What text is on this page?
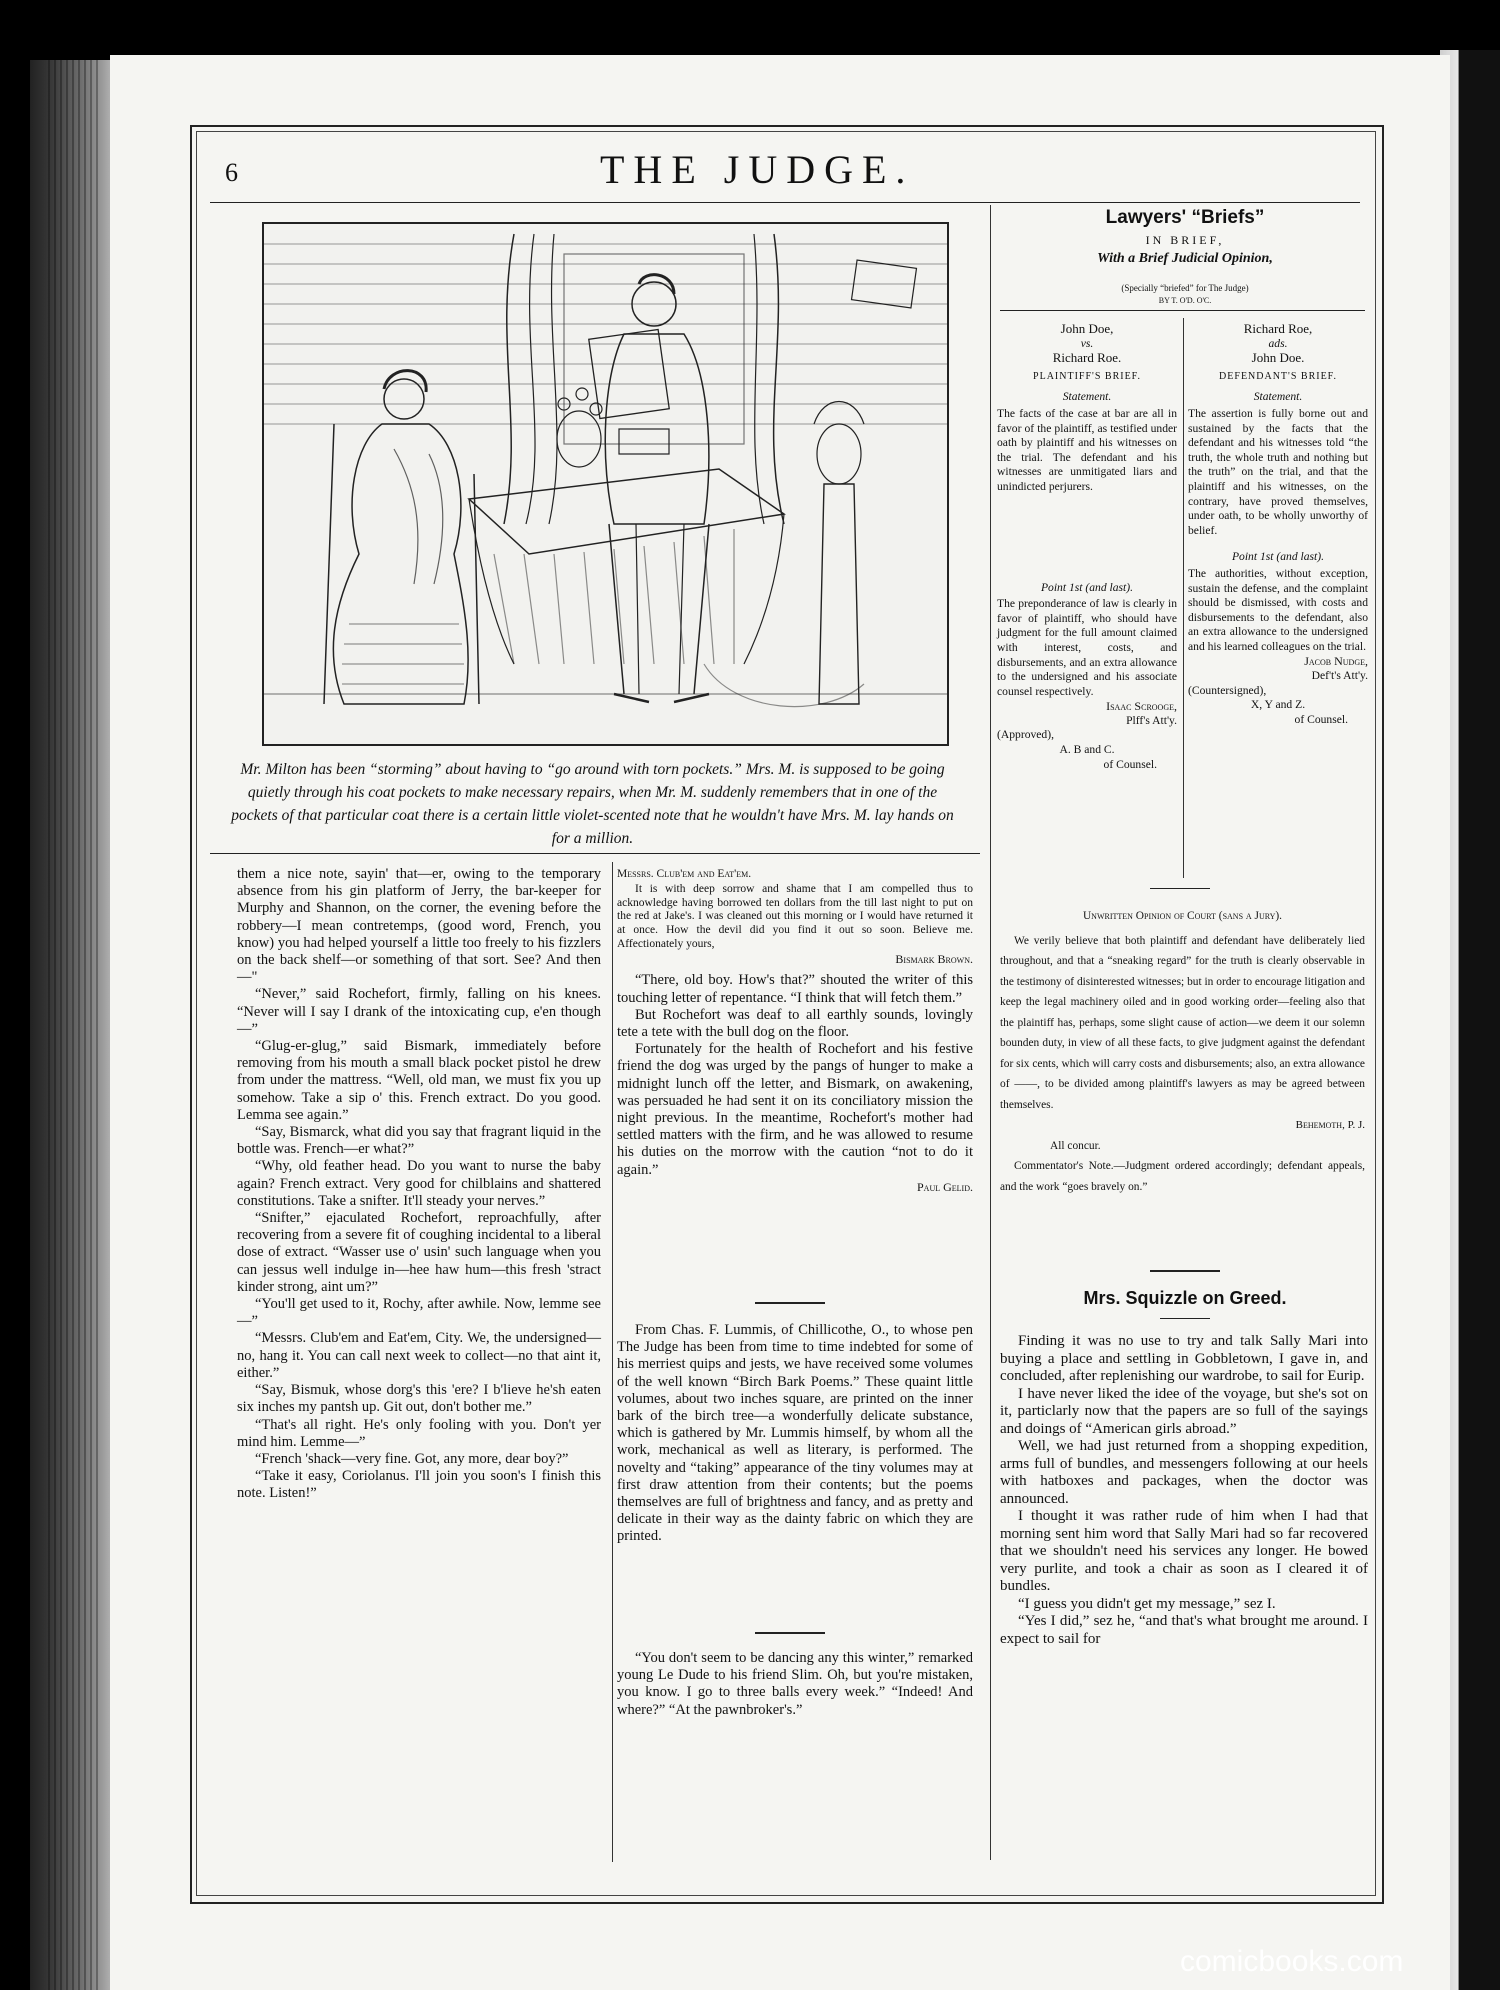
6	THE JUDGE.
Mr. Milton has been “storming” about having to “go around with torn pockets.” Mrs. M. is supposed to be going quietly through his coat pockets to make necessary repairs, when Mr. M. suddenly remembers that in one of the pockets of that particular coat there is a certain little violet-scented note that he wouldn't have Mrs. M. lay hands on for a million.

them a nice note, sayin' that—er, owing to the temporary absence from his gin platform of Jerry, the bar-keeper for Murphy and Shannon, on the corner, the evening before the robbery—I mean contretemps, (good word, French, you know) you had helped yourself a little too freely to his fizzlers on the back shelf—or something of that sort. See? And then—"

“Never,” said Rochefort, firmly, falling on his knees. “Never will I say I drank of the intoxicating cup, e'en though—”

“Glug-er-glug,” said Bismark, immediately before removing from his mouth a small black pocket pistol he drew from under the mattress. “Well, old man, we must fix you up somehow. Take a sip o' this. French extract. Do you good. Lemma see again.”

“Say, Bismarck, what did you say that fragrant liquid in the bottle was. French—er what?”

“Why, old feather head. Do you want to nurse the baby again? French extract. Very good for chilblains and shattered constitutions. Take a snifter. It'll steady your nerves.”

“Snifter,” ejaculated Rochefort, reproachfully, after recovering from a severe fit of coughing incidental to a liberal dose of extract. “Wasser use o' usin' such language when you can jessus well indulge in—hee haw hum—this fresh 'stract kinder strong, aint um?”

“You'll get used to it, Rochy, after awhile. Now, lemme see—”

“Messrs. Club'em and Eat'em, City. We, the undersigned—no, hang it. You can call next week to collect—no that aint it, either.”

“Say, Bismuk, whose dorg's this 'ere? I b'lieve he'sh eaten six inches my pantsh up. Git out, don't bother me.”

“That's all right. He's only fooling with you. Don't yer mind him. Lemme—”

“French 'shack—very fine. Got, any more, dear boy?”

“Take it easy, Coriolanus. I'll join you soon's I finish this note. Listen!”

Messrs. Club'em and Eat'em.

It is with deep sorrow and shame that I am compelled thus to acknowledge having borrowed ten dollars from the till last night to put on the red at Jake's. I was cleaned out this morning or I would have returned it at once. How the devil did you find it out so soon. Believe me. Affectionately yours,

Bismark Brown.

“There, old boy. How's that?” shouted the writer of this touching letter of repentance. “I think that will fetch them.”

But Rochefort was deaf to all earthly sounds, lovingly tete a tete with the bull dog on the floor.

Fortunately for the health of Rochefort and his festive friend the dog was urged by the pangs of hunger to make a midnight lunch off the letter, and Bismark, on awakening, was persuaded he had sent it on its conciliatory mission the night previous. In the meantime, Rochefort's mother had settled matters with the firm, and he was allowed to resume his duties on the morrow with the caution “not to do it again.”

Paul Gelid.

From Chas. F. Lummis, of Chillicothe, O., to whose pen The Judge has been from time to time indebted for some of his merriest quips and jests, we have received some volumes of the well known “Birch Bark Poems.” These quaint little volumes, about two inches square, are printed on the inner bark of the birch tree—a wonderfully delicate substance, which is gathered by Mr. Lummis himself, by whom all the work, mechanical as well as literary, is performed. The novelty and “taking” appearance of the tiny volumes may at first draw attention from their contents; but the poems themselves are full of brightness and fancy, and as pretty and delicate in their way as the dainty fabric on which they are printed.

“You don't seem to be dancing any this winter,” remarked young Le Dude to his friend Slim. Oh, but you're mistaken, you know. I go to three balls every week.” “Indeed! And where?” “At the pawnbroker's.”

Lawyers' “Briefs”
IN BRIEF,
With a Brief Judicial Opinion,
(Specially “briefed” for The Judge)
BY T. O'D. O'C.

John Doe,

vs.

Richard Roe.

PLAINTIFF'S BRIEF.

Statement.

The facts of the case at bar are all in favor of the plaintiff, as testified under oath by plaintiff and his witnesses on the trial. The defendant and his witnesses are unmitigated liars and unindicted perjurers.

Point 1st (and last).

The preponderance of law is clearly in favor of plaintiff, who should have judgment for the full amount claimed with interest, costs, and disbursements, and an extra allowance to the undersigned and his associate counsel respectively.

Isaac Scrooge,

Plff's Att'y.

(Approved),

A. B and C.

of Counsel.

Richard Roe,

ads.

John Doe.

DEFENDANT'S BRIEF.

Statement.

The assertion is fully borne out and sustained by the facts that the defendant and his witnesses told “the truth, the whole truth and nothing but the truth” on the trial, and that the plaintiff and his witnesses, on the contrary, have proved themselves, under oath, to be wholly unworthy of belief.

Point 1st (and last).

The authorities, without exception, sustain the defense, and the complaint should be dismissed, with costs and disbursements to the defendant, also an extra allowance to the undersigned and his learned colleagues on the trial.

Jacob Nudge,

Def't's Att'y.

(Countersigned),

X, Y and Z.

of Counsel.

Unwritten Opinion of Court (sans a Jury).

We verily believe that both plaintiff and defendant have deliberately lied throughout, and that a “sneaking regard” for the truth is clearly observable in the testimony of disinterested witnesses; but in order to encourage litigation and keep the legal machinery oiled and in good working order—feeling also that the plaintiff has, perhaps, some slight cause of action—we deem it our solemn bounden duty, in view of all these facts, to give judgment against the defendant for six cents, which will carry costs and disbursements; also, an extra allowance of ——, to be divided among plaintiff's lawyers as may be agreed between themselves.

Behemoth, P. J.

All concur.

Commentator's Note.—Judgment ordered accordingly; defendant appeals, and the work “goes bravely on.”

Mrs. Squizzle on Greed.

Finding it was no use to try and talk Sally Mari into buying a place and settling in Gobbletown, I gave in, and concluded, after replenishing our wardrobe, to sail for Eurip.

I have never liked the idee of the voyage, but she's sot on it, particlarly now that the papers are so full of the sayings and doings of “American girls abroad.”

Well, we had just returned from a shopping expedition, arms full of bundles, and messengers following at our heels with hatboxes and packages, when the doctor was announced.

I thought it was rather rude of him when I had that morning sent him word that Sally Mari had so far recovered that we shouldn't need his services any longer. He bowed very purlite, and took a chair as soon as I cleared it of bundles.

“I guess you didn't get my message,” sez I.

“Yes I did,” sez he, “and that's what brought me around. I expect to sail for

comicbooks.com
